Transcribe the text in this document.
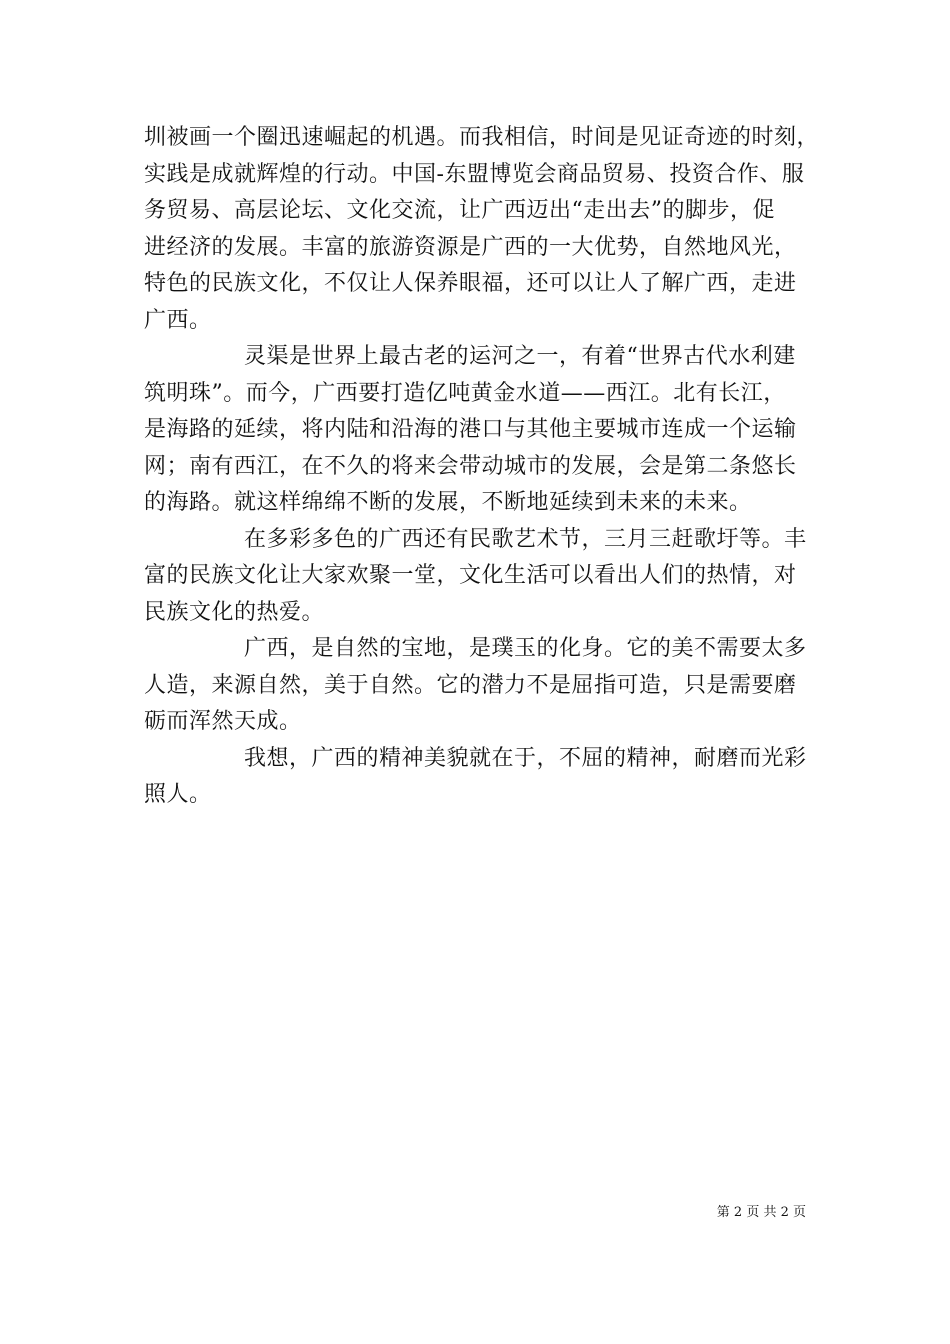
圳被画一个圈迅速崛起的机遇。而我相信，时间是见证奇迹的时刻，
实践是成就辉煌的行动。中国-东盟博览会商品贸易、投资合作、服
务贸易、高层论坛、文化交流，让广西迈出“走出去”的脚步，促
进经济的发展。丰富的旅游资源是广西的一大优势，自然地风光，
特色的民族文化，不仅让人保养眼福，还可以让人了解广西，走进
广西。
灵渠是世界上最古老的运河之一，有着“世界古代水利建
筑明珠”。而今，广西要打造亿吨黄金水道——西江。北有长江，
是海路的延续，将内陆和沿海的港口与其他主要城市连成一个运输
网；南有西江，在不久的将来会带动城市的发展，会是第二条悠长
的海路。就这样绵绵不断的发展，不断地延续到未来的未来。
在多彩多色的广西还有民歌艺术节，三月三赶歌圩等。丰
富的民族文化让大家欢聚一堂，文化生活可以看出人们的热情，对
民族文化的热爱。
广西，是自然的宝地，是璞玉的化身。它的美不需要太多
人造，来源自然，美于自然。它的潜力不是屈指可造，只是需要磨
砺而浑然天成。
我想，广西的精神美貌就在于，不屈的精神，耐磨而光彩
照人。
第 2 页 共 2 页
